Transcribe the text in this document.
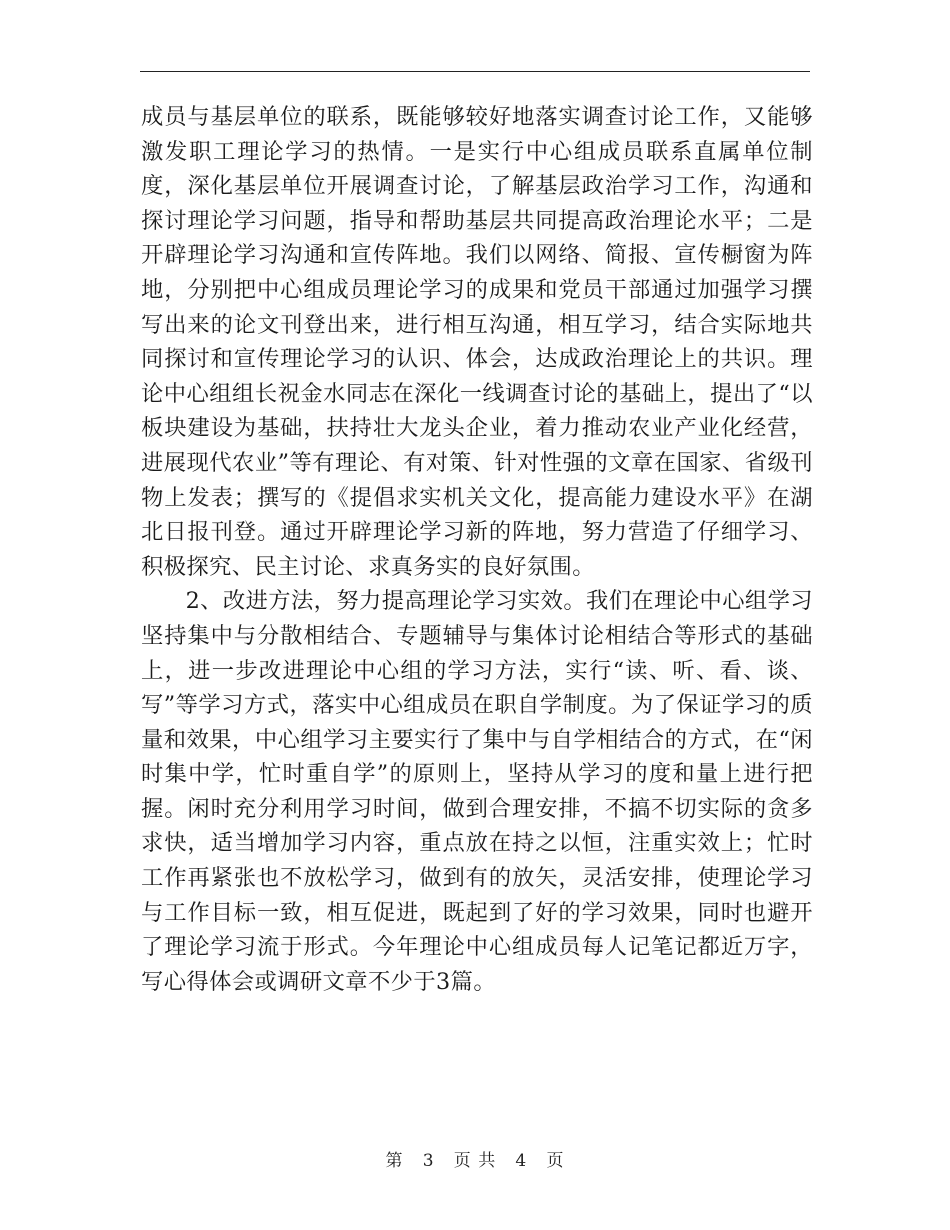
成员与基层单位的联系，既能够较好地落实调查讨论工作，又能够激发职工理论学习的热情。一是实行中心组成员联系直属单位制度，深化基层单位开展调查讨论，了解基层政治学习工作，沟通和探讨理论学习问题，指导和帮助基层共同提高政治理论水平；二是开辟理论学习沟通和宣传阵地。我们以网络、简报、宣传橱窗为阵地，分别把中心组成员理论学习的成果和党员干部通过加强学习撰写出来的论文刊登出来，进行相互沟通，相互学习，结合实际地共同探讨和宣传理论学习的认识、体会，达成政治理论上的共识。理论中心组组长祝金水同志在深化一线调查讨论的基础上，提出了“以板块建设为基础，扶持壮大龙头企业，着力推动农业产业化经营，进展现代农业”等有理论、有对策、针对性强的文章在国家、省级刊物上发表；撰写的《提倡求实机关文化，提高能力建设水平》在湖北日报刊登。通过开辟理论学习新的阵地，努力营造了仔细学习、积极探究、民主讨论、求真务实的良好氛围。

2、改进方法，努力提高理论学习实效。我们在理论中心组学习坚持集中与分散相结合、专题辅导与集体讨论相结合等形式的基础上，进一步改进理论中心组的学习方法，实行“读、听、看、谈、写”等学习方式，落实中心组成员在职自学制度。为了保证学习的质量和效果，中心组学习主要实行了集中与自学相结合的方式，在“闲时集中学，忙时重自学”的原则上，坚持从学习的度和量上进行把握。闲时充分利用学习时间，做到合理安排，不搞不切实际的贪多求快，适当增加学习内容，重点放在持之以恒，注重实效上；忙时工作再紧张也不放松学习，做到有的放矢，灵活安排，使理论学习与工作目标一致，相互促进，既起到了好的学习效果，同时也避开了理论学习流于形式。今年理论中心组成员每人记笔记都近万字，写心得体会或调研文章不少于3篇。

第 3 页 共 4 页
